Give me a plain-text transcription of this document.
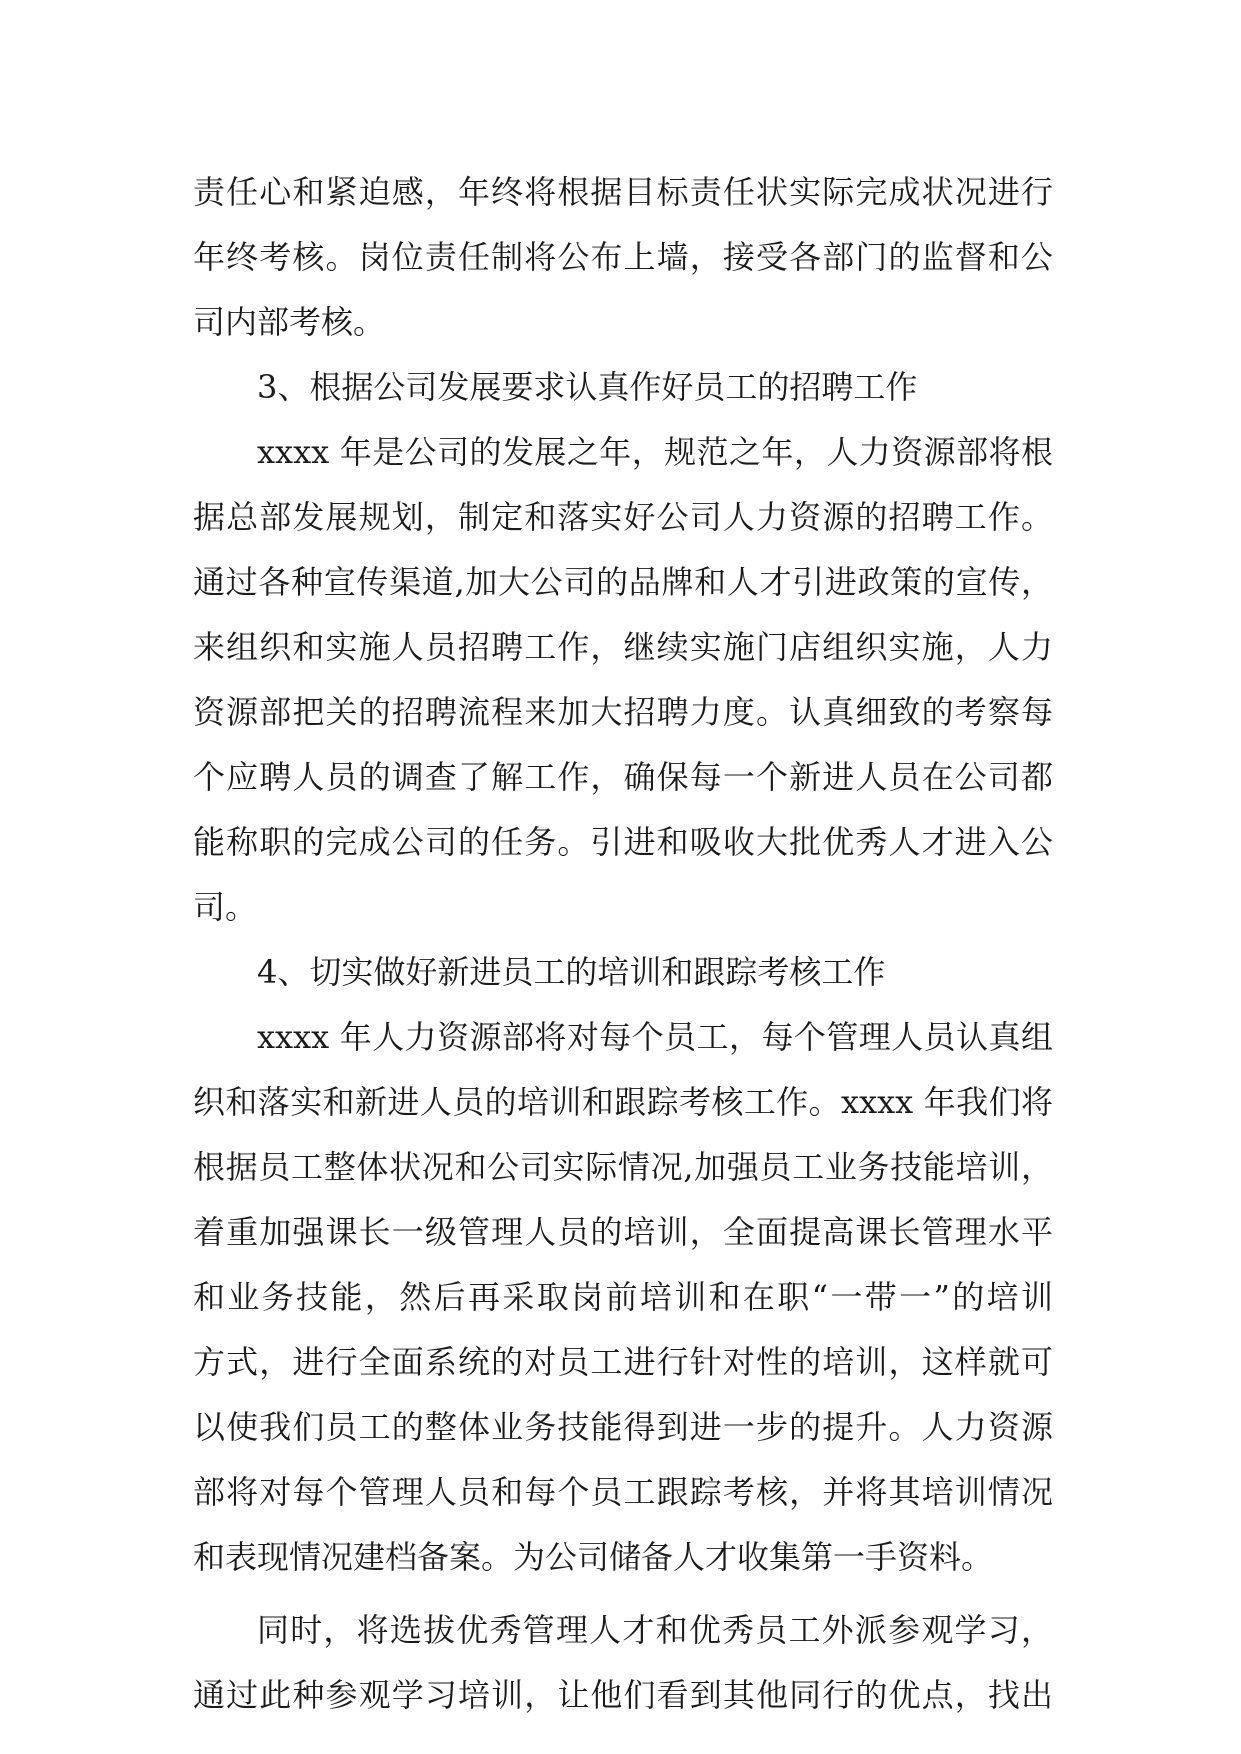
责任心和紧迫感，年终将根据目标责任状实际完成状况进行
年终考核。岗位责任制将公布上墙，接受各部门的监督和公
司内部考核。
3、根据公司发展要求认真作好员工的招聘工作
xxxx 年是公司的发展之年，规范之年，人力资源部将根
据总部发展规划，制定和落实好公司人力资源的招聘工作。
通过各种宣传渠道,加大公司的品牌和人才引进政策的宣传，
来组织和实施人员招聘工作，继续实施门店组织实施，人力
资源部把关的招聘流程来加大招聘力度。认真细致的考察每
个应聘人员的调查了解工作，确保每一个新进人员在公司都
能称职的完成公司的任务。引进和吸收大批优秀人才进入公
司。
4、切实做好新进员工的培训和跟踪考核工作
xxxx 年人力资源部将对每个员工，每个管理人员认真组
织和落实和新进人员的培训和跟踪考核工作。xxxx 年我们将
根据员工整体状况和公司实际情况,加强员工业务技能培训，
着重加强课长一级管理人员的培训，全面提高课长管理水平
和业务技能，然后再采取岗前培训和在职“一带一”的培训
方式，进行全面系统的对员工进行针对性的培训，这样就可
以使我们员工的整体业务技能得到进一步的提升。人力资源
部将对每个管理人员和每个员工跟踪考核，并将其培训情况
和表现情况建档备案。为公司储备人才收集第一手资料。
同时，将选拔优秀管理人才和优秀员工外派参观学习，
通过此种参观学习培训，让他们看到其他同行的优点，找出
